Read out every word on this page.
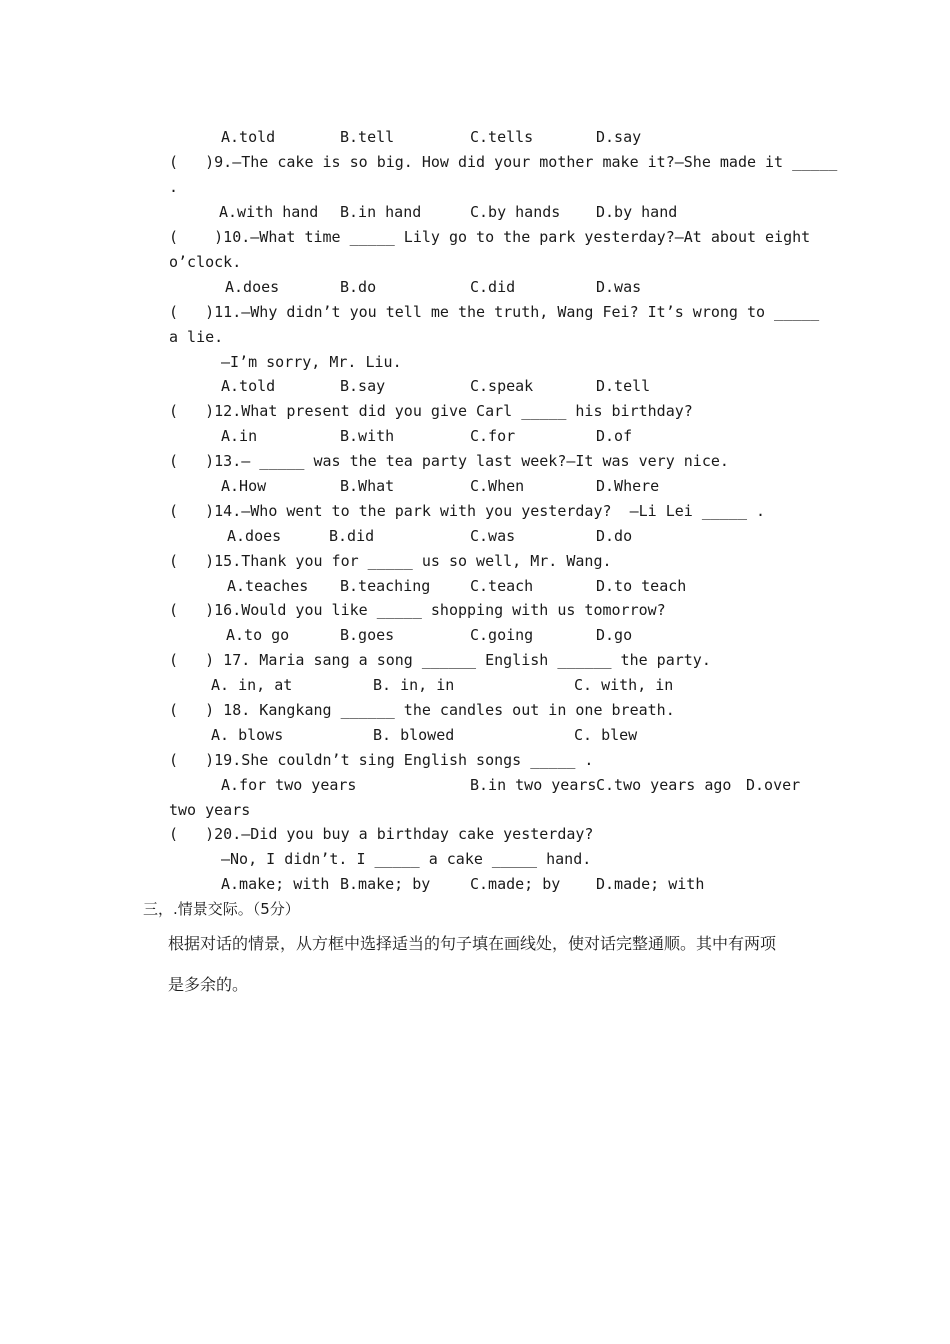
A.told	B.tell	C.tells	D.say
(   )9.—The cake is so big. How did your mother make it?—She made it _____
.
A.with hand B.in hand	C.by hands D.by hand
(    )10.—What time _____ Lily go to the park yesterday?—At about eight
o’clock.
A.does	B.do	C.did	D.was
(   )11.—Why didn’t you tell me the truth, Wang Fei? It’s wrong to _____
a lie.
—I’m sorry, Mr. Liu.
A.told	B.say	C.speak	D.tell
(   )12.What present did you give Carl _____ his birthday?
A.in	B.with	C.for	D.of
(   )13.— _____ was the tea party last week?—It was very nice.
A.How	B.What	C.When	D.Where
(   )14.—Who went to the park with you yesterday?  —Li Lei _____ .
A.does	B.did	C.was	D.do
(   )15.Thank you for _____ us so well, Mr. Wang.
A.teaches B.teaching	C.teach	D.to teach
(   )16.Would you like _____ shopping with us tomorrow?
A.to go	B.goes	C.going	D.go
(   ) 17. Maria sang a song ______ English ______ the party.
A. in, at	B. in, in	C. with, in
(   ) 18. Kangkang ______ the candles out in one breath.
A. blows	B. blowed	C. blew
(   )19.She couldn’t sing English songs _____ .
A.for two years	B.in two years C.two years ago D.over
two years
(   )20.—Did you buy a birthday cake yesterday?
—No, I didn’t. I _____ a cake _____ hand.
A.make; with B.make; by	C.made; by D.made; with
三，.情景交际。（5分）
根据对话的情景，从方框中选择适当的句子填在画线处，使对话完整通顺。其中有两项
是多余的。
